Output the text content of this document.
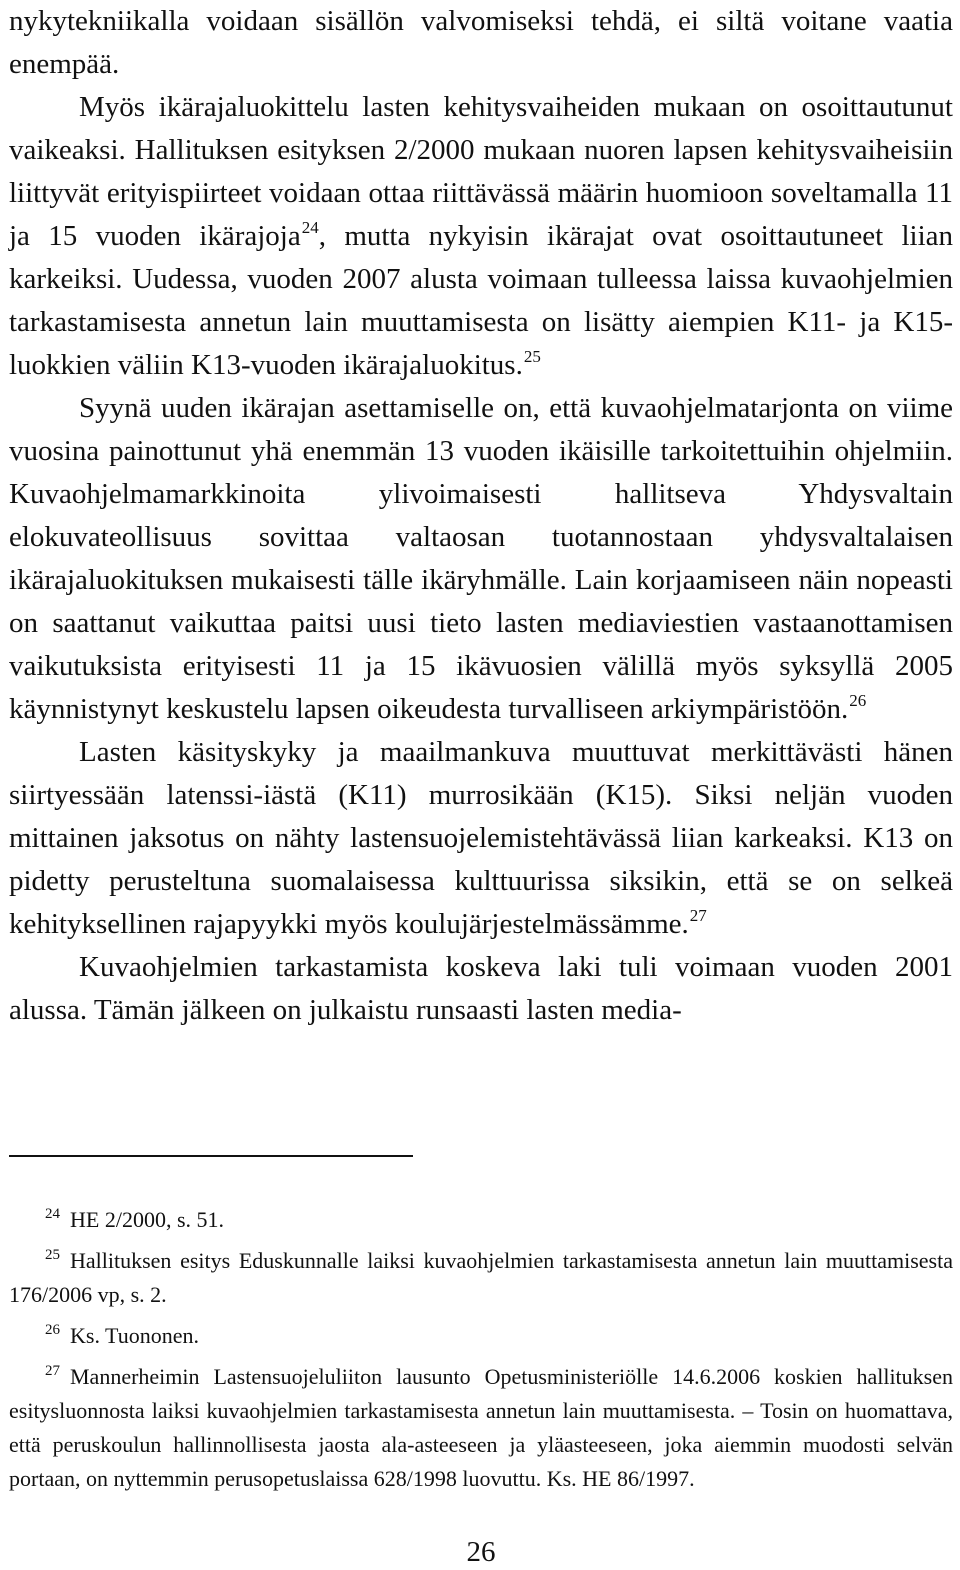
nykytekniikalla voidaan sisällön valvomiseksi tehdä, ei siltä voitane vaatia enempää.

Myös ikärajaluokittelu lasten kehitysvaiheiden mukaan on osoittautunut vaikeaksi. Hallituksen esityksen 2/2000 mukaan nuoren lapsen kehitysvaiheisiin liittyvät erityispiirteet voidaan ottaa riittävässä määrin huomioon soveltamalla 11 ja 15 vuoden ikärajoja$^{24}$, mutta nykyisin ikärajat ovat osoittautuneet liian karkeiksi. Uudessa, vuoden 2007 alusta voimaan tulleessa laissa kuvaohjelmien tarkastamisesta annetun lain muuttamisesta on lisätty aiempien K11- ja K15-luokkien väliin K13-vuoden ikärajaluokitus.$^{25}$

Syynä uuden ikärajan asettamiselle on, että kuvaohjelmatarjonta on viime vuosina painottunut yhä enemmän 13 vuoden ikäisille tarkoitettuihin ohjelmiin. Kuvaohjelmamarkkinoita ylivoimaisesti hallitseva Yhdysvaltain elokuvateollisuus sovittaa valtaosan tuotannostaan yhdysvaltalaisen ikärajaluokituksen mukaisesti tälle ikäryhmälle. Lain korjaamiseen näin nopeasti on saattanut vaikuttaa paitsi uusi tieto lasten mediaviestien vastaanottamisen vaikutuksista erityisesti 11 ja 15 ikävuosien välillä myös syksyllä 2005 käynnistynyt keskustelu lapsen oikeudesta turvalliseen arkiympäristöön.$^{26}$

Lasten käsityskyky ja maailmankuva muuttuvat merkittävästi hänen siirtyessään latenssi-iästä (K11) murrosikään (K15). Siksi neljän vuoden mittainen jaksotus on nähty lastensuojelemistehtävässä liian karkeaksi. K13 on pidetty perusteltuna suomalaisessa kulttuurissa siksikin, että se on selkeä kehityksellinen rajapyykki myös koulujärjestelmässämme.$^{27}$

Kuvaohjelmien tarkastamista koskeva laki tuli voimaan vuoden 2001 alussa. Tämän jälkeen on julkaistu runsaasti lasten media-

24 HE 2/2000, s. 51.
25 Hallituksen esitys Eduskunnalle laiksi kuvaohjelmien tarkastamisesta annetun lain muuttamisesta 176/2006 vp, s. 2.
26 Ks. Tuononen.
27 Mannerheimin Lastensuojeluliiton lausunto Opetusministeriölle 14.6.2006 koskien hallituksen esitysluonnosta laiksi kuvaohjelmien tarkastamisesta annetun lain muuttamisesta. – Tosin on huomattava, että peruskoulun hallinnollisesta jaosta ala-asteeseen ja yläasteeseen, joka aiemmin muodosti selvän portaan, on nyttemmin perusopetuslaissa 628/1998 luovuttu. Ks. HE 86/1997.
26
